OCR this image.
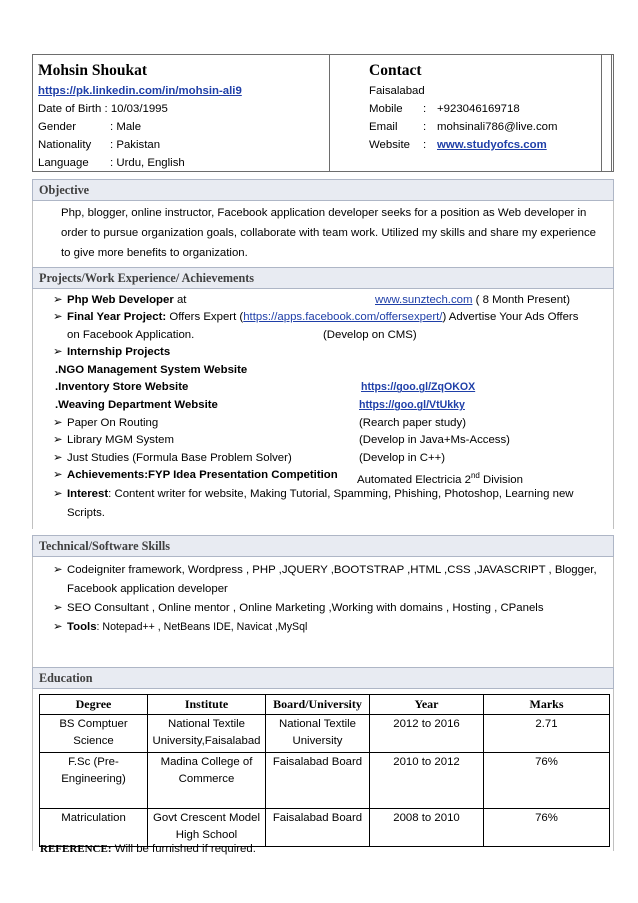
Mohsin Shoukat
https://pk.linkedin.com/in/mohsin-ali9
Date of Birth : 10/03/1995
Gender	: Male
Nationality : Pakistan
Language : Urdu, English
Contact
Faisalabad
Mobile : +923046169718
Email : mohsinali786@live.com
Website : www.studyofcs.com
Objective
Php, blogger, online instructor, Facebook application developer seeks for a position as Web developer in order to pursue organization goals, collaborate with team work. Utilized my skills and share my experience to give more benefits to organization.
Projects/Work Experience/ Achievements
➢ Php Web Developer at	www.sunztech.com ( 8 Month Present)
➢ Final Year Project: Offers Expert (https://apps.facebook.com/offersexpert/) Advertise Your Ads Offers
on Facebook Application.	(Develop on CMS)
➢ Internship Projects
.NGO Management System Website
.Inventory Store Website	https://goo.gl/ZqOKOX
.Weaving Department Website	https://goo.gl/VtUkky
➢ Paper On Routing	(Rearch paper study)
➢ Library MGM System	(Develop in Java+Ms-Access)
➢ Just Studies (Formula Base Problem Solver)	(Develop in C++)
➢ Achievements:FYP Idea Presentation Competition Automated Electricia 2nd Division
➢ Interest: Content writer for website, Making Tutorial, Spamming, Phishing, Photoshop, Learning new
Scripts.
Technical/Software Skills
➢ Codeigniter framework, Wordpress , PHP ,JQUERY ,BOOTSTRAP ,HTML ,CSS ,JAVASCRIPT , Blogger,
Facebook application developer
➢ SEO Consultant , Online mentor , Online Marketing ,Working with domains , Hosting , CPanels
➢ Tools: Notepad++ , NetBeans IDE, Navicat ,MySql
Education
Degree	Institute	Board/University	Year	Marks
BS Comptuer Science	National Textile University,Faisalabad	National Textile University	2012 to 2016	2.71
F.Sc (Pre-Engineering)	Madina College of Commerce	Faisalabad Board	2010 to 2012	76%
Matriculation	Govt Crescent Model High School	Faisalabad Board	2008 to 2010	76%
REFERENCE: Will be furnished if required.
